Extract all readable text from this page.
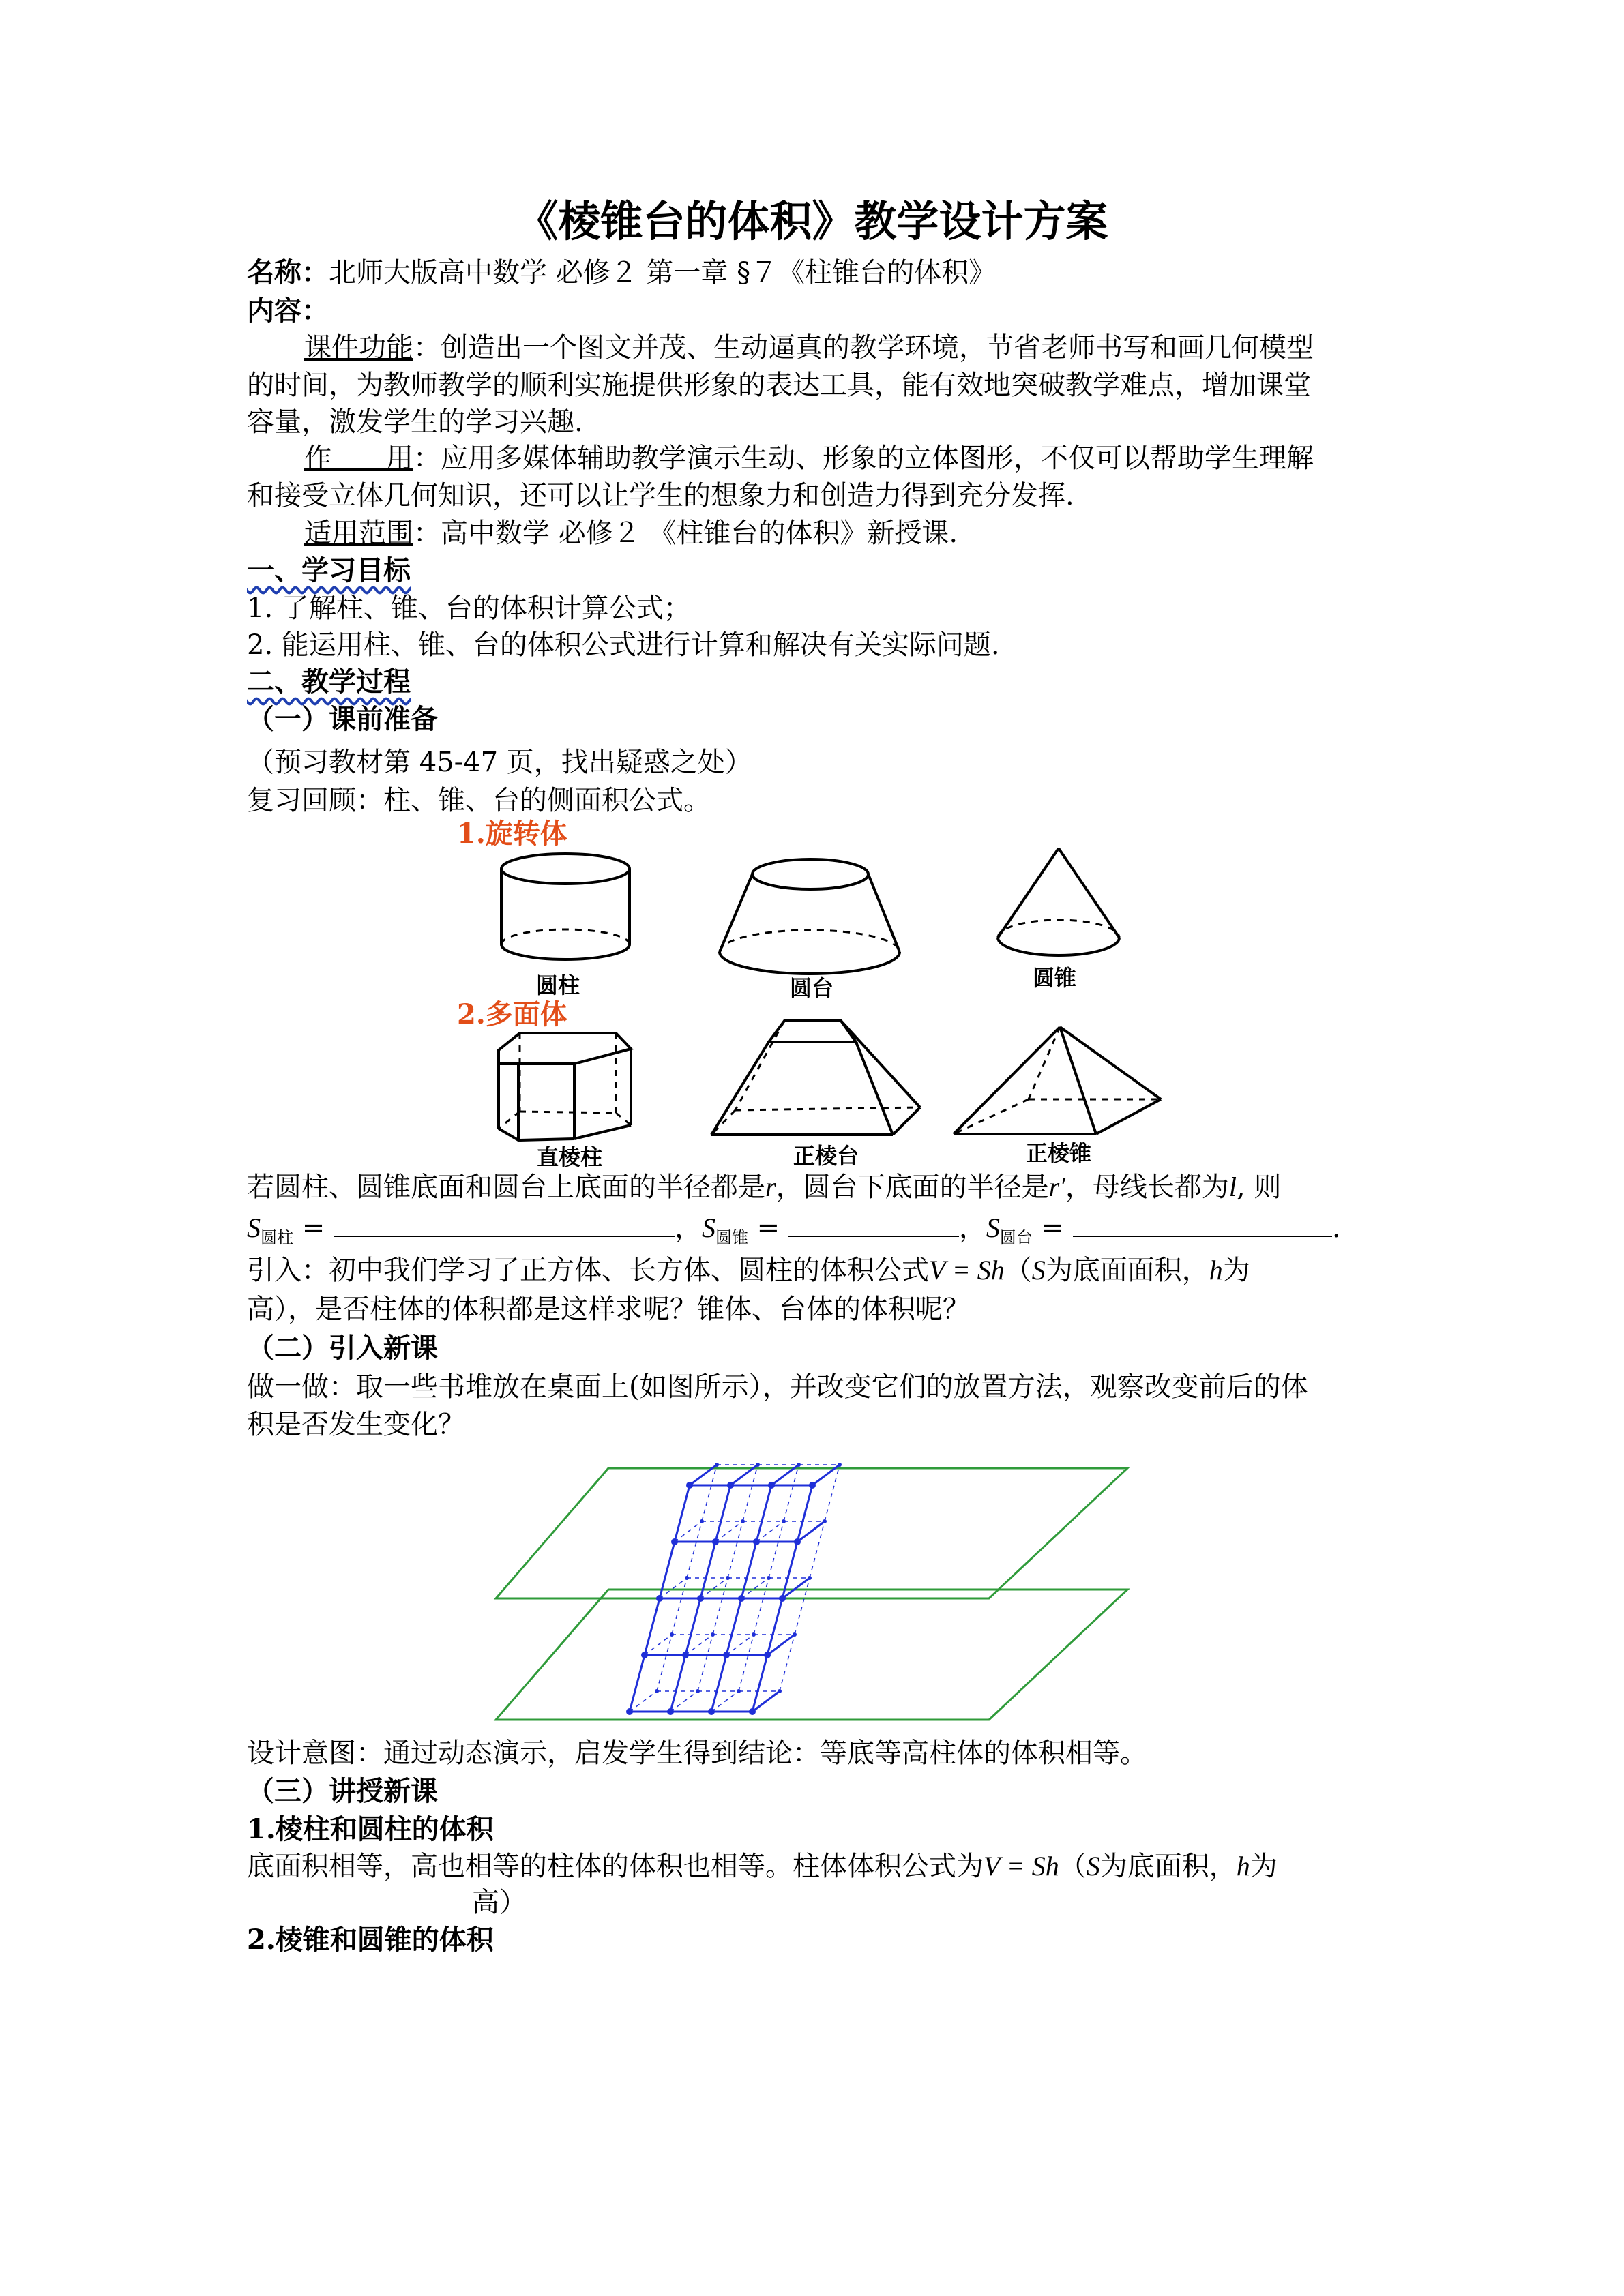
《棱锥台的体积》教学设计方案
名称：北师大版高中数学 必修２ 第一章 §７《柱锥台的体积》
内容：
课件功能：创造出一个图文并茂、生动逼真的教学环境，节省老师书写和画几何模型
的时间，为教师教学的顺利实施提供形象的表达工具，能有效地突破教学难点，增加课堂
容量，激发学生的学习兴趣.
作　　用：应用多媒体辅助教学演示生动、形象的立体图形，不仅可以帮助学生理解
和接受立体几何知识，还可以让学生的想象力和创造力得到充分发挥.
适用范围：高中数学 必修２ 《柱锥台的体积》新授课.
一、学习目标
1. 了解柱、锥、台的体积计算公式；
2. 能运用柱、锥、台的体积公式进行计算和解决有关实际问题.
二、教学过程
（一）课前准备
（预习教材第 45-47 页，找出疑惑之处）
复习回顾：柱、锥、台的侧面积公式。
1.旋转体
2.多面体
圆柱	圆台	圆锥
直棱柱	正棱台	正棱锥
若圆柱、圆锥底面和圆台上底面的半径都是r，圆台下底面的半径是r′，母线长都为l, 则
$S_{圆柱}$ =	，$S_{圆锥}$ =	，$S_{圆台}$ =	.
引入：初中我们学习了正方体、长方体、圆柱的体积公式V = Sh（S为底面面积，h为
高），是否柱体的体积都是这样求呢？锥体、台体的体积呢？
（二）引入新课
做一做：取一些书堆放在桌面上(如图所示），并改变它们的放置方法，观察改变前后的体
积是否发生变化？
设计意图：通过动态演示，启发学生得到结论：等底等高柱体的体积相等。
（三）讲授新课
1.棱柱和圆柱的体积
底面积相等，高也相等的柱体的体积也相等。柱体体积公式为V = Sh（S为底面积，h为
高）
2.棱锥和圆锥的体积
